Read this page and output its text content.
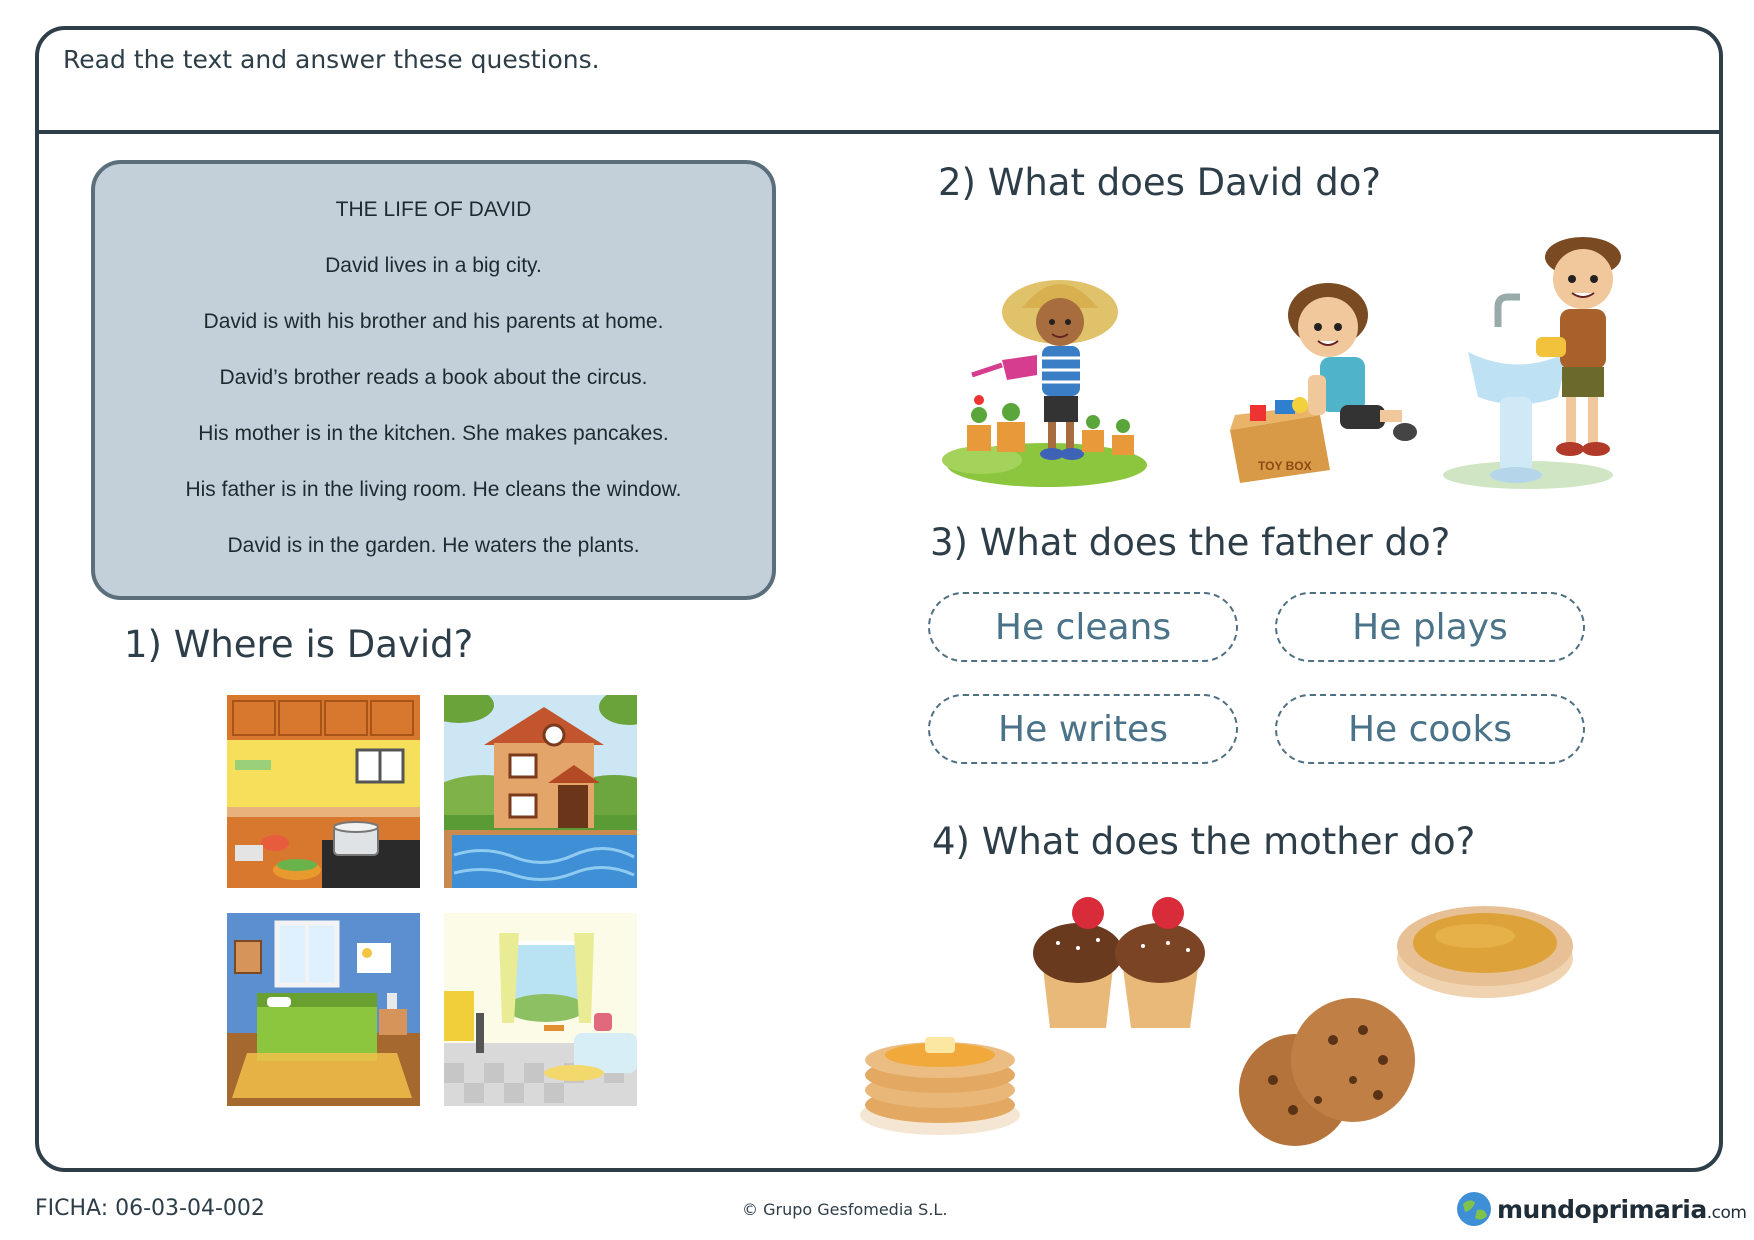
Read the text and answer these questions.
THE LIFE OF DAVID
David lives in a big city.
David is with his brother and his parents at home.
David’s brother reads a book about the circus.
His mother is in the kitchen. She makes pancakes.
His father is in the living room. He cleans the window.
David is in the garden. He waters the plants.
1) Where is David?
2) What does David do?
3) What does the father do?
4) What does the mother do?
TOY BOX
He cleans	He plays
He writes	He cooks
FICHA: 06-03-04-002	© Grupo Gesfomedia S.L.	mundoprimaria.com
